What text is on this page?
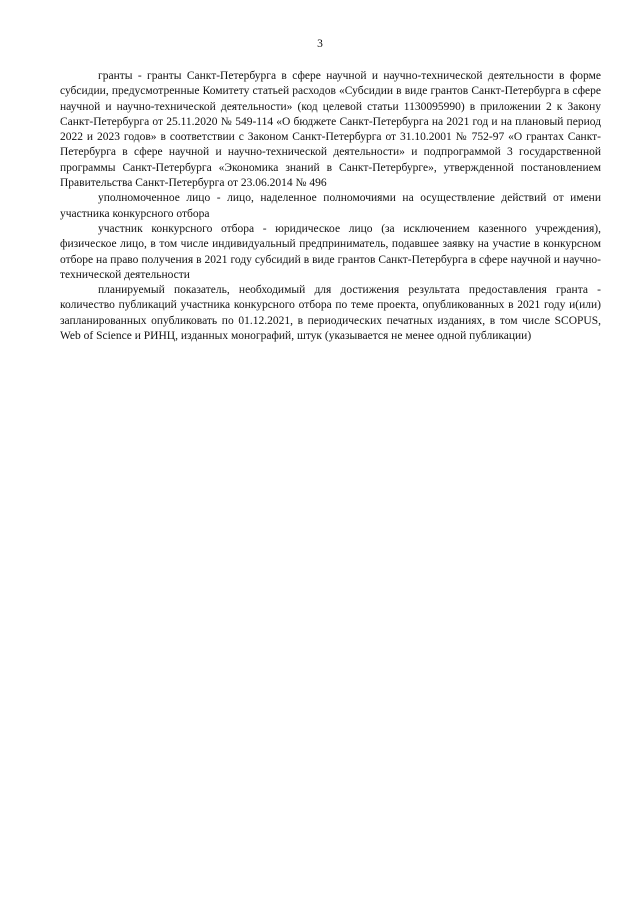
3

гранты - гранты Санкт-Петербурга в сфере научной и научно-технической деятельности в форме субсидии, предусмотренные Комитету статьей расходов «Субсидии в виде грантов Санкт-Петербурга в сфере научной и научно-технической деятельности» (код целевой статьи 1130095990) в приложении 2 к Закону Санкт-Петербурга от 25.11.2020 № 549-114 «О бюджете Санкт-Петербурга на 2021 год и на плановый период 2022 и 2023 годов» в соответствии с Законом Санкт-Петербурга от 31.10.2001 № 752-97 «О грантах Санкт-Петербурга в сфере научной и научно-технической деятельности» и подпрограммой 3 государственной программы Санкт-Петербурга «Экономика знаний в Санкт-Петербурге», утвержденной постановлением Правительства Санкт-Петербурга от 23.06.2014 № 496

уполномоченное лицо - лицо, наделенное полномочиями на осуществление действий от имени участника конкурсного отбора

участник конкурсного отбора - юридическое лицо (за исключением казенного учреждения), физическое лицо, в том числе индивидуальный предприниматель, подавшее заявку на участие в конкурсном отборе на право получения в 2021 году субсидий в виде грантов Санкт-Петербурга в сфере научной и научно-технической деятельности

планируемый показатель, необходимый для достижения результата предоставления гранта - количество публикаций участника конкурсного отбора по теме проекта, опубликованных в 2021 году и(или) запланированных опубликовать по 01.12.2021, в периодических печатных изданиях, в том числе SCOPUS, Web of Science и РИНЦ, изданных монографий, штук (указывается не менее одной публикации)
